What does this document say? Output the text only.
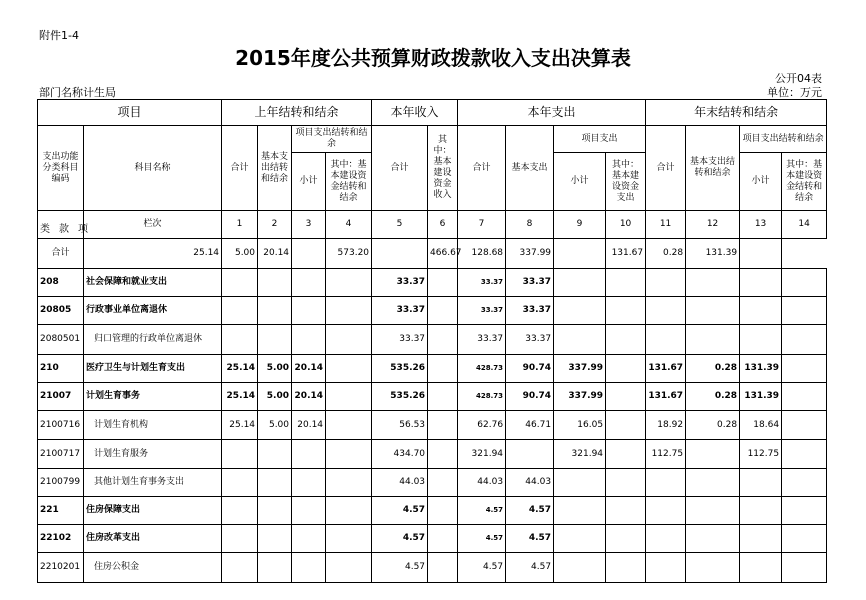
附件1-4
2015年度公共预算财政拨款收入支出决算表
公开04表
部门名称计生局	单位：万元
项目		上年结转和结余				本年收入		本年支出				年末结转和结余			
支出功能分类科目编码	科目名称	合计	基本支出结转和结余	项目支出结转和结余		合计	其中：基本建设资金收入	合计	基本支出	项目支出		合计	基本支出结转和结余	项目支出结转和结余	
				小计	其中：基本建设资金结转和结余					小计	其中：基本建设资金支出			小计	其中：基本建设资金结转和结余

类 款 项	栏次	1	2	3	4	5	6	7	8	9	10	11	12	13	14
合计	25.14	5.00	20.14		573.20		466.67	128.68	337.99		131.67	0.28	131.39		
208	社会保障和就业支出					33.37		33.37	33.37						
20805	行政事业单位离退休					33.37		33.37	33.37						
2080501	归口管理的行政单位离退休					33.37		33.37	33.37						
210	医疗卫生与计划生育支出	25.14	5.00	20.14		535.26		428.73	90.74	337.99		131.67	0.28	131.39	
21007	计划生育事务	25.14	5.00	20.14		535.26		428.73	90.74	337.99		131.67	0.28	131.39	
2100716	计划生育机构	25.14	5.00	20.14		56.53		62.76	46.71	16.05		18.92	0.28	18.64	
2100717	计划生育服务					434.70		321.94		321.94		112.75		112.75	
2100799	其他计划生育事务支出					44.03		44.03	44.03						
221	住房保障支出					4.57		4.57	4.57						
22102	住房改革支出					4.57		4.57	4.57						
2210201	住房公积金					4.57		4.57	4.57						
